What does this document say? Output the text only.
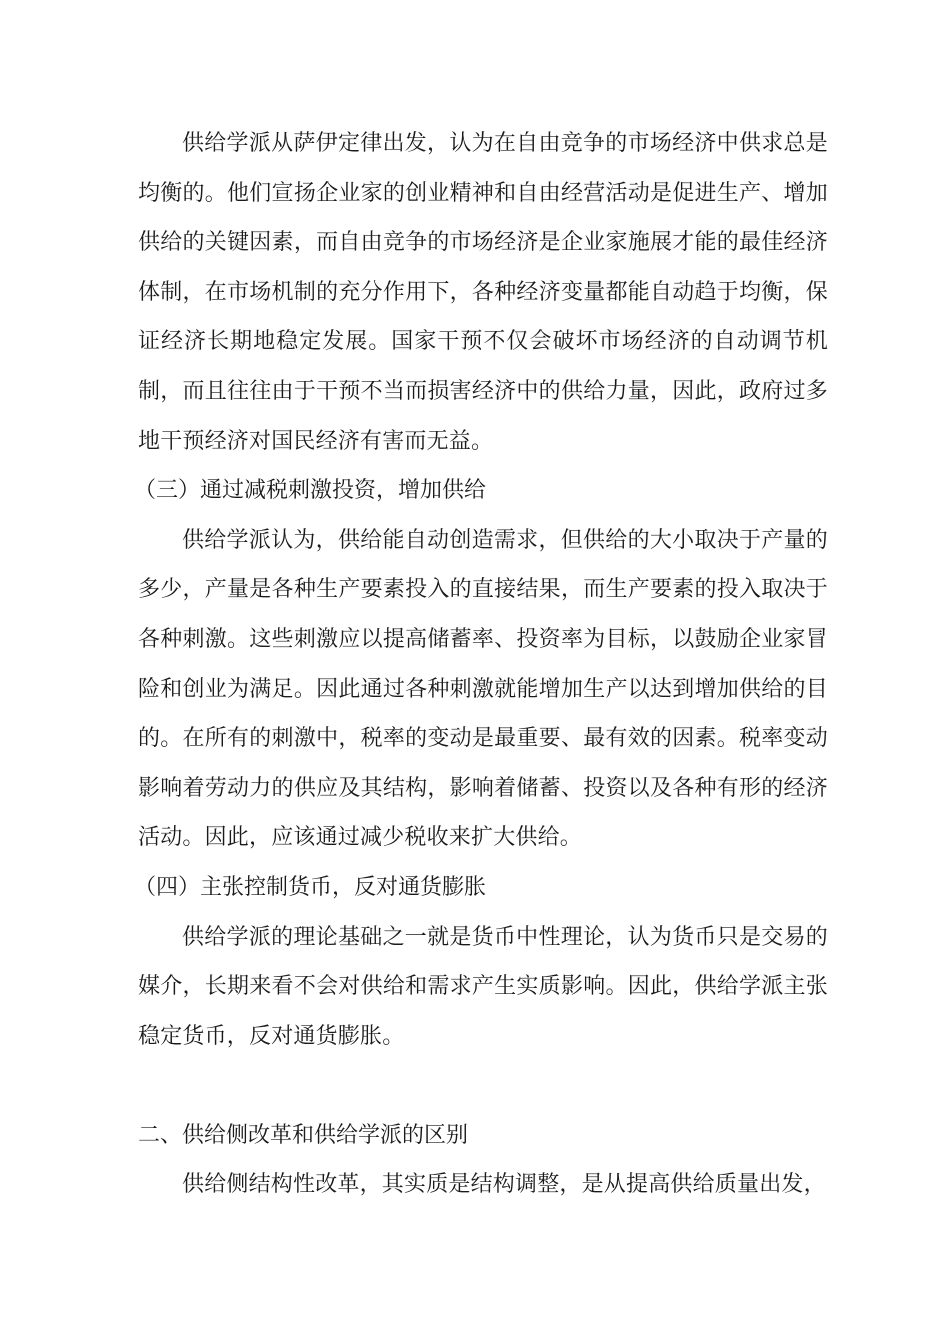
供给学派从萨伊定律出发，认为在自由竞争的市场经济中供求总是均衡的。他们宣扬企业家的创业精神和自由经营活动是促进生产、增加供给的关键因素，而自由竞争的市场经济是企业家施展才能的最佳经济体制，在市场机制的充分作用下，各种经济变量都能自动趋于均衡，保证经济长期地稳定发展。国家干预不仅会破坏市场经济的自动调节机制，而且往往由于干预不当而损害经济中的供给力量，因此，政府过多地干预经济对国民经济有害而无益。

（三）通过减税刺激投资，增加供给

供给学派认为，供给能自动创造需求，但供给的大小取决于产量的多少，产量是各种生产要素投入的直接结果，而生产要素的投入取决于各种刺激。这些刺激应以提高储蓄率、投资率为目标，以鼓励企业家冒险和创业为满足。因此通过各种刺激就能增加生产以达到增加供给的目的。在所有的刺激中，税率的变动是最重要、最有效的因素。税率变动影响着劳动力的供应及其结构，影响着储蓄、投资以及各种有形的经济活动。因此，应该通过减少税收来扩大供给。

（四）主张控制货币，反对通货膨胀

供给学派的理论基础之一就是货币中性理论，认为货币只是交易的媒介，长期来看不会对供给和需求产生实质影响。因此，供给学派主张稳定货币，反对通货膨胀。

二、供给侧改革和供给学派的区别

供给侧结构性改革，其实质是结构调整，是从提高供给质量出发，
